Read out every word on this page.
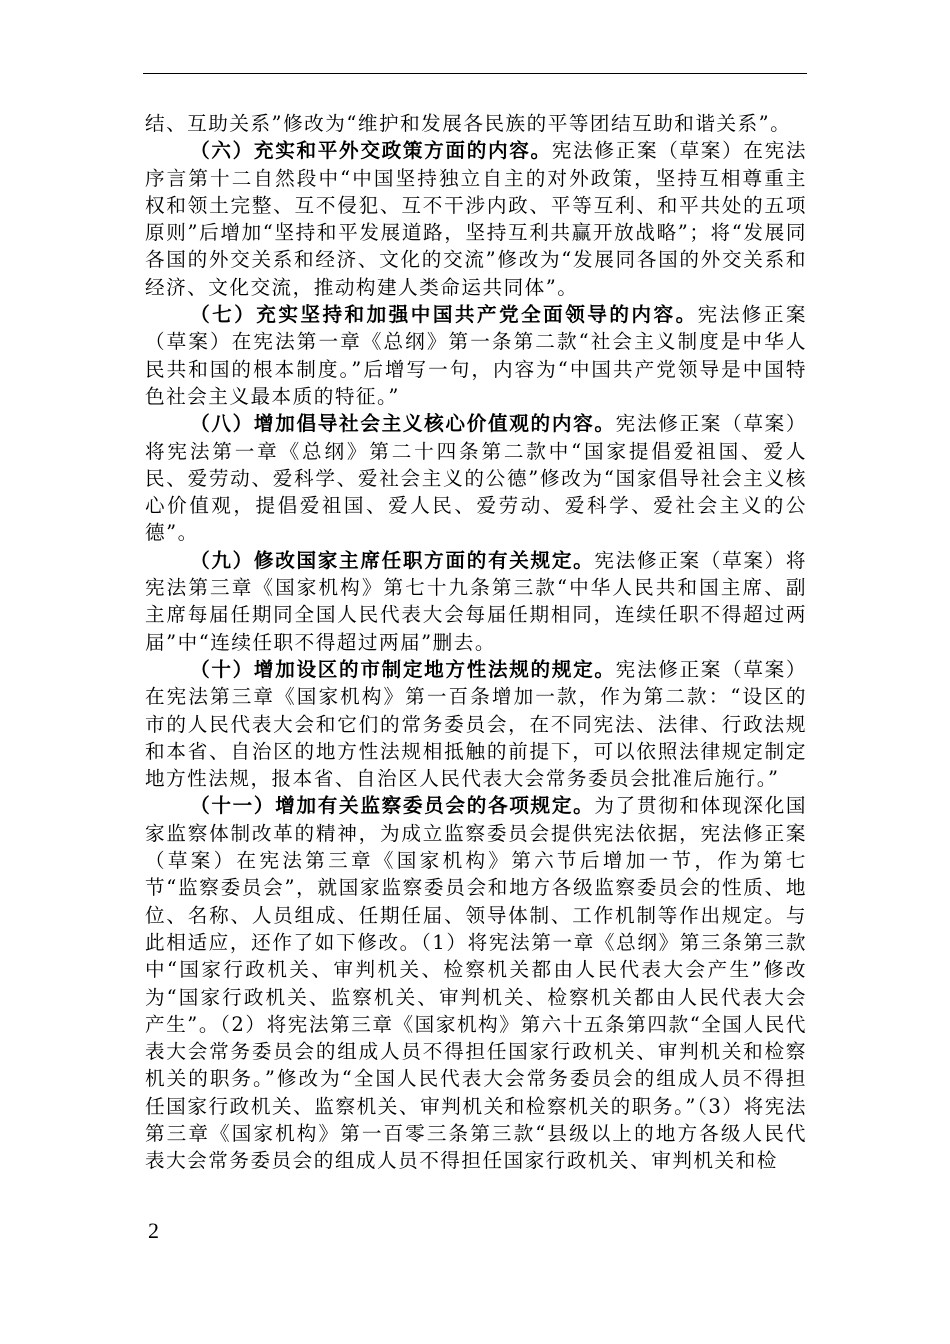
结、互助关系”修改为“维护和发展各民族的平等团结互助和谐关系”。

（六）充实和平外交政策方面的内容。宪法修正案（草案）在宪法序言第十二自然段中“中国坚持独立自主的对外政策，坚持互相尊重主权和领土完整、互不侵犯、互不干涉内政、平等互利、和平共处的五项原则”后增加“坚持和平发展道路，坚持互利共赢开放战略”；将“发展同各国的外交关系和经济、文化的交流”修改为“发展同各国的外交关系和经济、文化交流，推动构建人类命运共同体”。

（七）充实坚持和加强中国共产党全面领导的内容。宪法修正案（草案）在宪法第一章《总纲》第一条第二款“社会主义制度是中华人民共和国的根本制度。”后增写一句，内容为“中国共产党领导是中国特色社会主义最本质的特征。”

（八）增加倡导社会主义核心价值观的内容。宪法修正案（草案）将宪法第一章《总纲》第二十四条第二款中“国家提倡爱祖国、爱人民、爱劳动、爱科学、爱社会主义的公德”修改为“国家倡导社会主义核心价值观，提倡爱祖国、爱人民、爱劳动、爱科学、爱社会主义的公德”。

（九）修改国家主席任职方面的有关规定。宪法修正案（草案）将宪法第三章《国家机构》第七十九条第三款“中华人民共和国主席、副主席每届任期同全国人民代表大会每届任期相同，连续任职不得超过两届”中“连续任职不得超过两届”删去。

（十）增加设区的市制定地方性法规的规定。宪法修正案（草案）在宪法第三章《国家机构》第一百条增加一款，作为第二款：“设区的市的人民代表大会和它们的常务委员会，在不同宪法、法律、行政法规和本省、自治区的地方性法规相抵触的前提下，可以依照法律规定制定地方性法规，报本省、自治区人民代表大会常务委员会批准后施行。”

（十一）增加有关监察委员会的各项规定。为了贯彻和体现深化国家监察体制改革的精神，为成立监察委员会提供宪法依据，宪法修正案（草案）在宪法第三章《国家机构》第六节后增加一节，作为第七节“监察委员会”，就国家监察委员会和地方各级监察委员会的性质、地位、名称、人员组成、任期任届、领导体制、工作机制等作出规定。与此相适应，还作了如下修改。（1）将宪法第一章《总纲》第三条第三款中“国家行政机关、审判机关、检察机关都由人民代表大会产生”修改为“国家行政机关、监察机关、审判机关、检察机关都由人民代表大会产生”。（2）将宪法第三章《国家机构》第六十五条第四款“全国人民代表大会常务委员会的组成人员不得担任国家行政机关、审判机关和检察机关的职务。”修改为“全国人民代表大会常务委员会的组成人员不得担任国家行政机关、监察机关、审判机关和检察机关的职务。”（3）将宪法第三章《国家机构》第一百零三条第三款“县级以上的地方各级人民代表大会常务委员会的组成人员不得担任国家行政机关、审判机关和检

2
